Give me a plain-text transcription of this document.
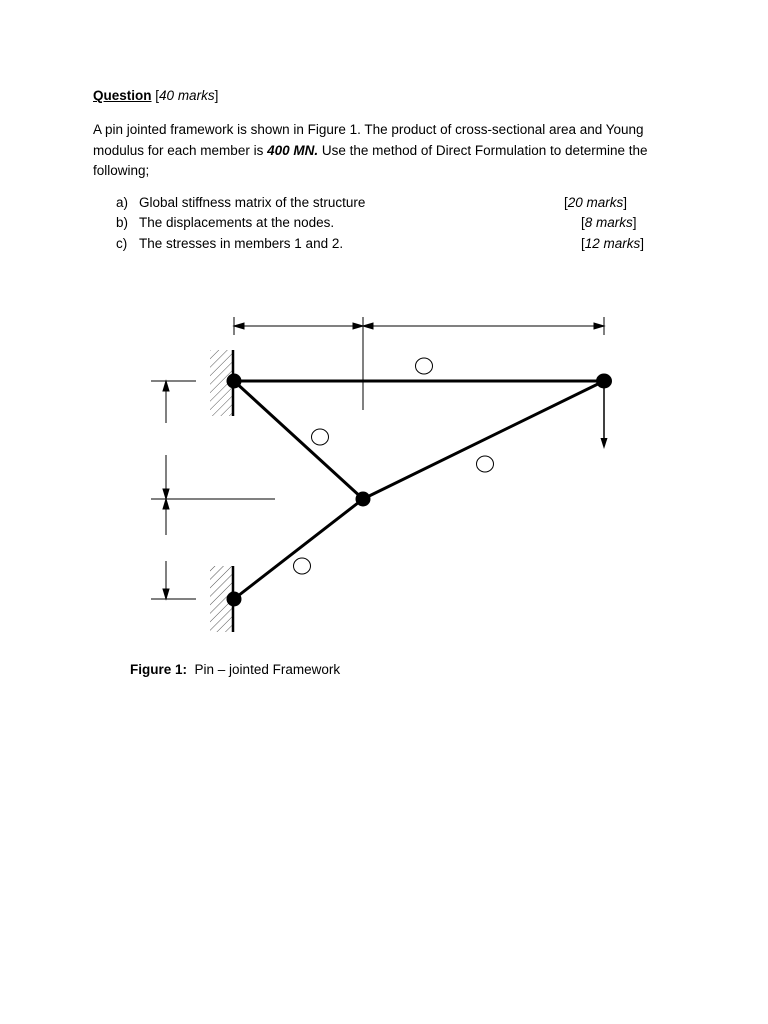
Question [40 marks]
A pin jointed framework is shown in Figure 1. The product of cross-sectional area and Young modulus for each member is 400 MN. Use the method of Direct Formulation to determine the following;
a) Global stiffness matrix of the structure	[20 marks]
b) The displacements at the nodes.	[8 marks]
c) The stresses in members 1 and 2.	[12 marks]
Figure 1: Pin – jointed Framework
